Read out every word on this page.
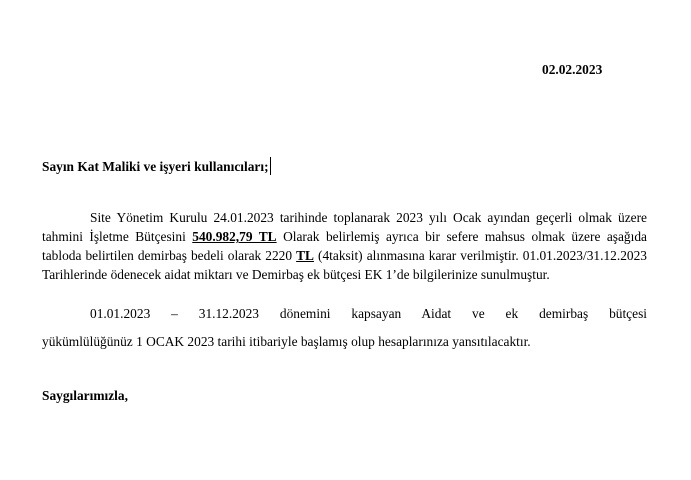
02.02.2023
Sayın Kat Maliki ve işyeri kullanıcıları;
Site Yönetim Kurulu 24.01.2023 tarihinde toplanarak 2023 yılı Ocak ayından geçerli olmak üzere tahmini İşletme Bütçesini 540.982,79 TL Olarak belirlemiş ayrıca bir sefere mahsus olmak üzere aşağıda tabloda belirtilen demirbaş bedeli olarak 2220 TL (4taksit) alınmasına karar verilmiştir. 01.01.2023/31.12.2023 Tarihlerinde ödenecek aidat miktarı ve Demirbaş ek bütçesi EK 1’de bilgilerinize sunulmuştur.
01.01.2023 – 31.12.2023 dönemini kapsayan Aidat ve ek demirbaş bütçesi
yükümlülüğünüz 1 OCAK 2023 tarihi itibariyle başlamış olup hesaplarınıza yansıtılacaktır.
Saygılarımızla,
